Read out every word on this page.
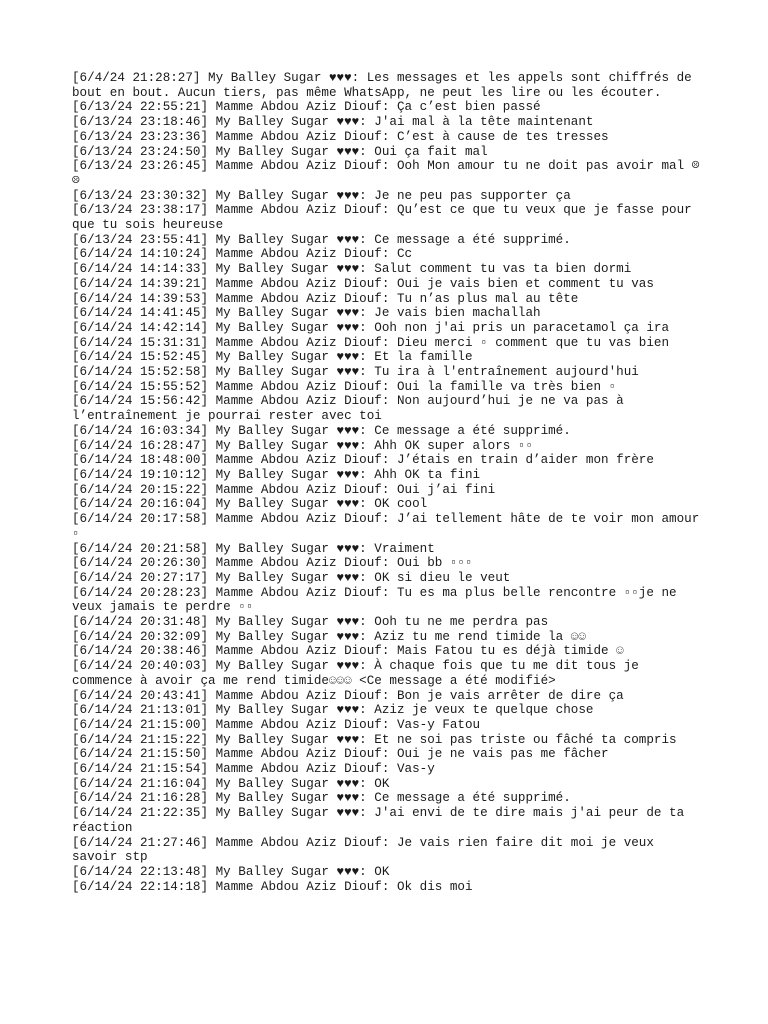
[6/4/24 21:28:27] My Balley Sugar ♥♥♥: Les messages et les appels sont chiffrés de bout en bout. Aucun tiers, pas même WhatsApp, ne peut les lire ou les écouter.
[6/13/24 22:55:21] Mamme Abdou Aziz Diouf: Ça c’est bien passé
[6/13/24 23:18:46] My Balley Sugar ♥♥♥: J'ai mal à la tête maintenant
[6/13/24 23:23:36] Mamme Abdou Aziz Diouf: C’est à cause de tes tresses
[6/13/24 23:24:50] My Balley Sugar ♥♥♥: Oui ça fait mal
[6/13/24 23:26:45] Mamme Abdou Aziz Diouf: Ooh Mon amour tu ne doit pas avoir mal ☹ ☹
[6/13/24 23:30:32] My Balley Sugar ♥♥♥: Je ne peu pas supporter ça
[6/13/24 23:38:17] Mamme Abdou Aziz Diouf: Qu’est ce que tu veux que je fasse pour que tu sois heureuse
[6/13/24 23:55:41] My Balley Sugar ♥♥♥: Ce message a été supprimé.
[6/14/24 14:10:24] Mamme Abdou Aziz Diouf: Cc
[6/14/24 14:14:33] My Balley Sugar ♥♥♥: Salut comment tu vas ta bien dormi
[6/14/24 14:39:21] Mamme Abdou Aziz Diouf: Oui je vais bien et comment tu vas
[6/14/24 14:39:53] Mamme Abdou Aziz Diouf: Tu n’as plus mal au tête
[6/14/24 14:41:45] My Balley Sugar ♥♥♥: Je vais bien machallah
[6/14/24 14:42:14] My Balley Sugar ♥♥♥: Ooh non j'ai pris un paracetamol ça ira
[6/14/24 15:31:31] Mamme Abdou Aziz Diouf: Dieu merci ▫ comment que tu vas bien
[6/14/24 15:52:45] My Balley Sugar ♥♥♥: Et la famille
[6/14/24 15:52:58] My Balley Sugar ♥♥♥: Tu ira à l'entraînement aujourd'hui
[6/14/24 15:55:52] Mamme Abdou Aziz Diouf: Oui la famille va très bien ▫
[6/14/24 15:56:42] Mamme Abdou Aziz Diouf: Non aujourd’hui je ne va pas à l’entraînement je pourrai rester avec toi
[6/14/24 16:03:34] My Balley Sugar ♥♥♥: Ce message a été supprimé.
[6/14/24 16:28:47] My Balley Sugar ♥♥♥: Ahh OK super alors ▫▫
[6/14/24 18:48:00] Mamme Abdou Aziz Diouf: J’étais en train d’aider mon frère
[6/14/24 19:10:12] My Balley Sugar ♥♥♥: Ahh OK ta fini
[6/14/24 20:15:22] Mamme Abdou Aziz Diouf: Oui j’ai fini
[6/14/24 20:16:04] My Balley Sugar ♥♥♥: OK cool
[6/14/24 20:17:58] Mamme Abdou Aziz Diouf: J’ai tellement hâte de te voir mon amour ▫
[6/14/24 20:21:58] My Balley Sugar ♥♥♥: Vraiment
[6/14/24 20:26:30] Mamme Abdou Aziz Diouf: Oui bb ▫▫▫
[6/14/24 20:27:17] My Balley Sugar ♥♥♥: OK si dieu le veut
[6/14/24 20:28:23] Mamme Abdou Aziz Diouf: Tu es ma plus belle rencontre ▫▫je ne veux jamais te perdre ▫▫
[6/14/24 20:31:48] My Balley Sugar ♥♥♥: Ooh tu ne me perdra pas
[6/14/24 20:32:09] My Balley Sugar ♥♥♥: Aziz tu me rend timide la ☺☺
[6/14/24 20:38:46] Mamme Abdou Aziz Diouf: Mais Fatou tu es déjà timide ☺
[6/14/24 20:40:03] My Balley Sugar ♥♥♥: À chaque fois que tu me dit tous je commence à avoir ça me rend timide☺☺☺ <Ce message a été modifié>
[6/14/24 20:43:41] Mamme Abdou Aziz Diouf: Bon je vais arrêter de dire ça
[6/14/24 21:13:01] My Balley Sugar ♥♥♥: Aziz je veux te quelque chose
[6/14/24 21:15:00] Mamme Abdou Aziz Diouf: Vas-y Fatou
[6/14/24 21:15:22] My Balley Sugar ♥♥♥: Et ne soi pas triste ou fâché ta compris
[6/14/24 21:15:50] Mamme Abdou Aziz Diouf: Oui je ne vais pas me fâcher
[6/14/24 21:15:54] Mamme Abdou Aziz Diouf: Vas-y
[6/14/24 21:16:04] My Balley Sugar ♥♥♥: OK
[6/14/24 21:16:28] My Balley Sugar ♥♥♥: Ce message a été supprimé.
[6/14/24 21:22:35] My Balley Sugar ♥♥♥: J'ai envi de te dire mais j'ai peur de ta réaction
[6/14/24 21:27:46] Mamme Abdou Aziz Diouf: Je vais rien faire dit moi je veux savoir stp
[6/14/24 22:13:48] My Balley Sugar ♥♥♥: OK
[6/14/24 22:14:18] Mamme Abdou Aziz Diouf: Ok dis moi
